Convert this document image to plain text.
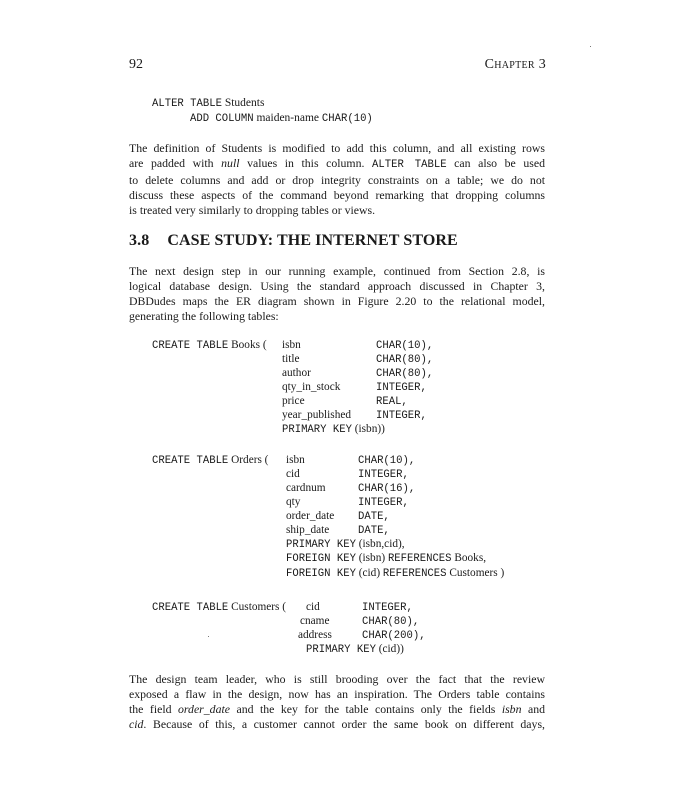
92	Chapter 3
ALTER TABLE Students
ADD COLUMN maiden-name CHAR(10)
The definition of Students is modified to add this column, and all existing rows
are padded with null values in this column. ALTER TABLE can also be used
to delete columns and add or drop integrity constraints on a table; we do not
discuss these aspects of the command beyond remarking that dropping columns
is treated very similarly to dropping tables or views.
3.8 CASE STUDY: THE INTERNET STORE
The next design step in our running example, continued from Section 2.8, is
logical database design. Using the standard approach discussed in Chapter 3,
DBDudes maps the ER diagram shown in Figure 2.20 to the relational model,
generating the following tables:
CREATE TABLE Books ( isbn	CHAR(10),
title	CHAR(80),
author	CHAR(80),
qty_in_stock	INTEGER,
price	REAL,
year_published INTEGER,
PRIMARY KEY (isbn))
CREATE TABLE Orders ( isbn	CHAR(10),
cid	INTEGER,
cardnum	CHAR(16),
qty	INTEGER,
order_date DATE,
ship_date	DATE,
PRIMARY KEY (isbn,cid),
FOREIGN KEY (isbn) REFERENCES Books,
FOREIGN KEY (cid) REFERENCES Customers )
CREATE TABLE Customers ( cid	INTEGER,
cname	CHAR(80),
address	CHAR(200),
PRIMARY KEY (cid))
The design team leader, who is still brooding over the fact that the review
exposed a flaw in the design, now has an inspiration. The Orders table contains
the field order_date and the key for the table contains only the fields isbn and
cid. Because of this, a customer cannot order the same book on different days,
